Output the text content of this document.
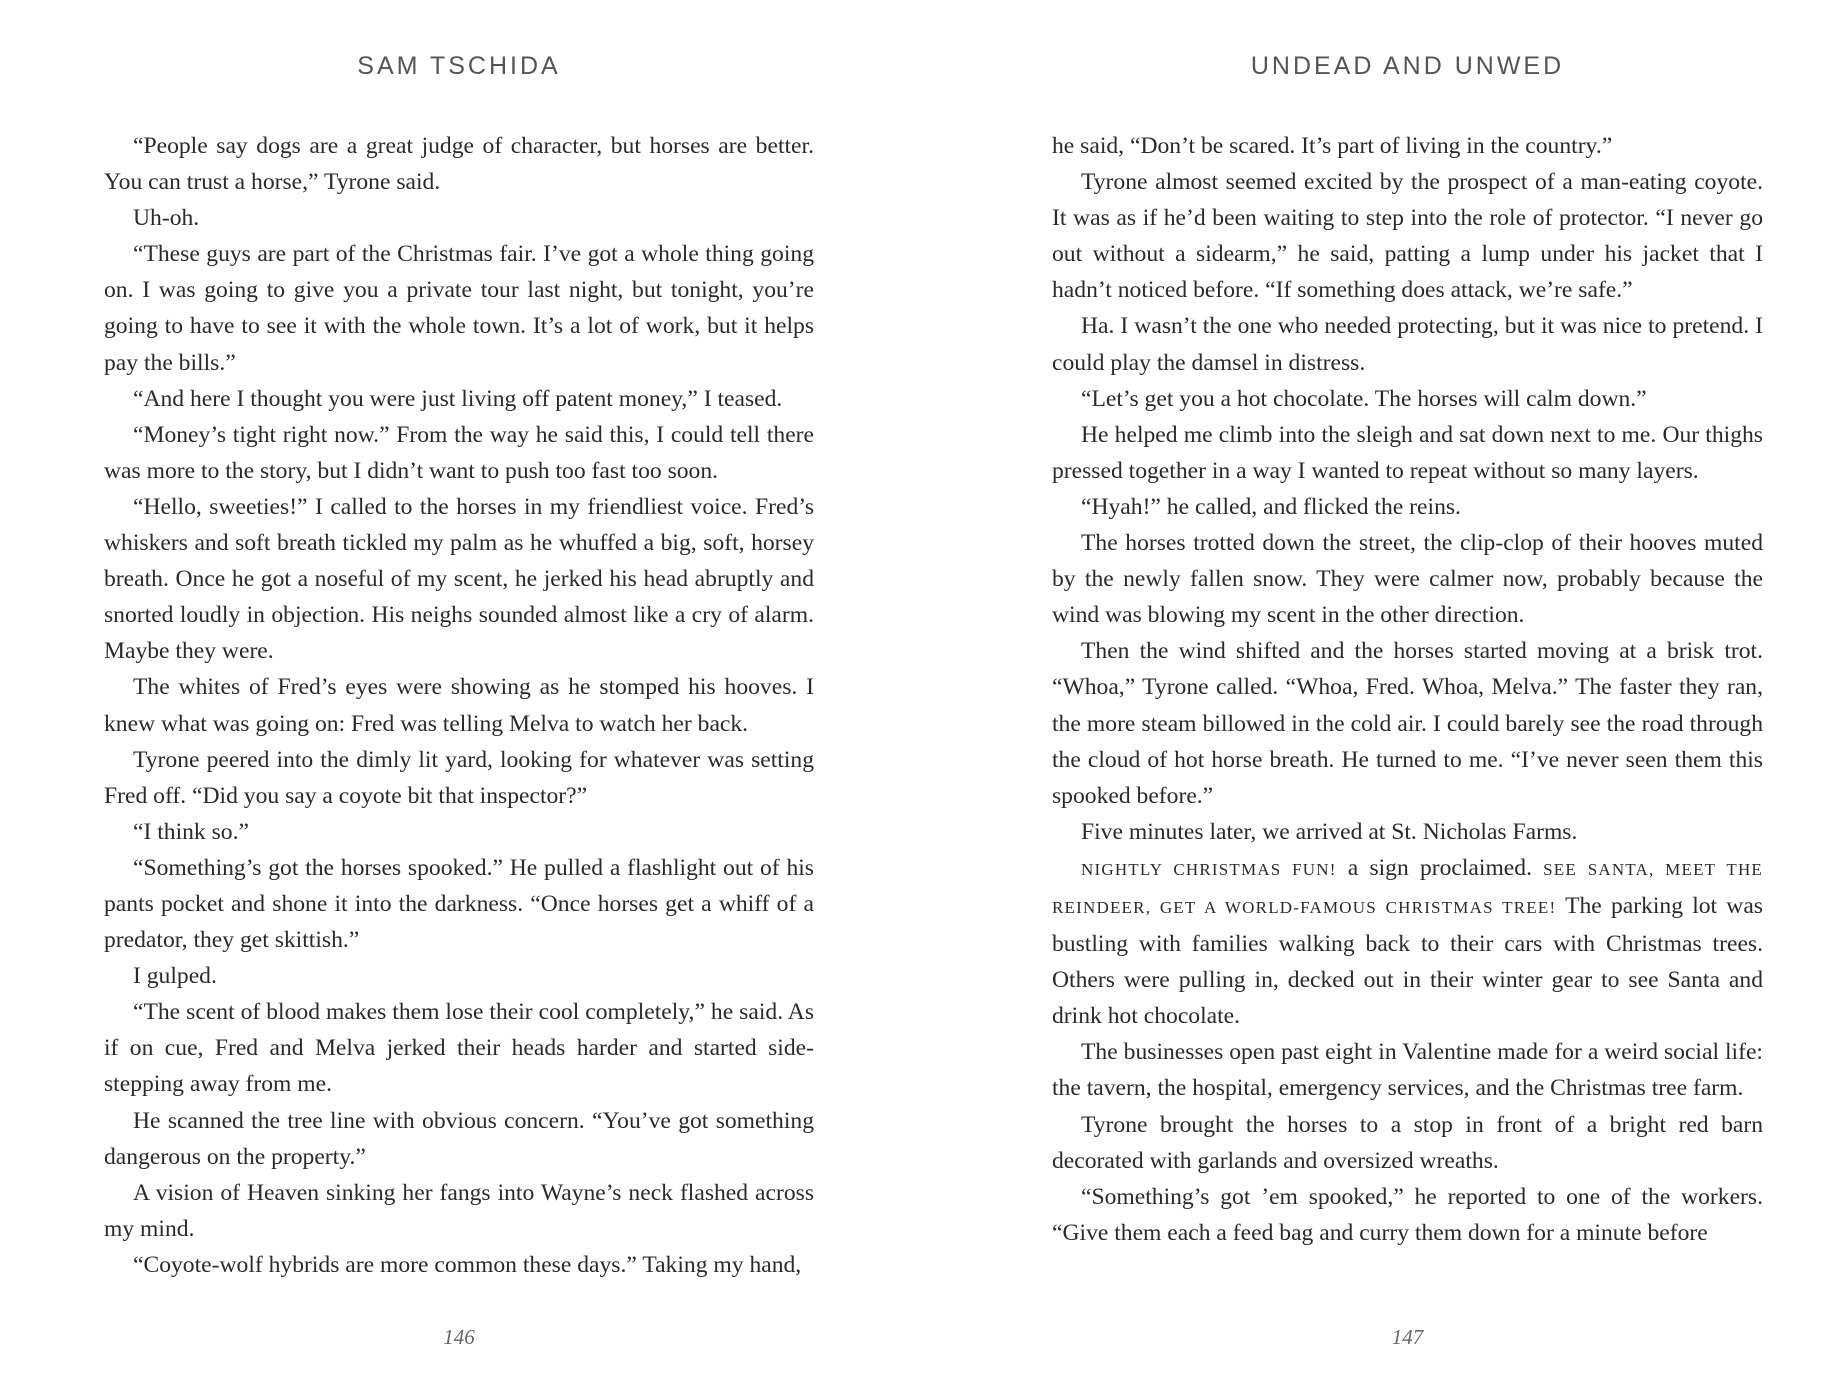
SAM TSCHIDA

“People say dogs are a great judge of character, but horses are better. You can trust a horse,” Tyrone said.

Uh-oh.

“These guys are part of the Christmas fair. I’ve got a whole thing going on. I was going to give you a private tour last night, but tonight, you’re going to have to see it with the whole town. It’s a lot of work, but it helps pay the bills.”

“And here I thought you were just living off patent money,” I teased.

“Money’s tight right now.” From the way he said this, I could tell there was more to the story, but I didn’t want to push too fast too soon.

“Hello, sweeties!” I called to the horses in my friendliest voice. Fred’s whiskers and soft breath tickled my palm as he whuffed a big, soft, horsey breath. Once he got a noseful of my scent, he jerked his head abruptly and snorted loudly in objection. His neighs sounded almost like a cry of alarm. Maybe they were.

The whites of Fred’s eyes were showing as he stomped his hooves. I knew what was going on: Fred was telling Melva to watch her back.

Tyrone peered into the dimly lit yard, looking for whatever was setting Fred off. “Did you say a coyote bit that inspector?”

“I think so.”

“Something’s got the horses spooked.” He pulled a flashlight out of his pants pocket and shone it into the darkness. “Once horses get a whiff of a predator, they get skittish.”

I gulped.

“The scent of blood makes them lose their cool completely,” he said. As if on cue, Fred and Melva jerked their heads harder and started side-stepping away from me.

He scanned the tree line with obvious concern. “You’ve got something dangerous on the property.”

A vision of Heaven sinking her fangs into Wayne’s neck flashed across my mind.

“Coyote-wolf hybrids are more common these days.” Taking my hand,

146
UNDEAD AND UNWED

he said, “Don’t be scared. It’s part of living in the country.”

Tyrone almost seemed excited by the prospect of a man-eating coyote. It was as if he’d been waiting to step into the role of protector. “I never go out without a sidearm,” he said, patting a lump under his jacket that I hadn’t noticed before. “If something does attack, we’re safe.”

Ha. I wasn’t the one who needed protecting, but it was nice to pretend. I could play the damsel in distress.

“Let’s get you a hot chocolate. The horses will calm down.”

He helped me climb into the sleigh and sat down next to me. Our thighs pressed together in a way I wanted to repeat without so many layers.

“Hyah!” he called, and flicked the reins.

The horses trotted down the street, the clip-clop of their hooves muted by the newly fallen snow. They were calmer now, probably because the wind was blowing my scent in the other direction.

Then the wind shifted and the horses started moving at a brisk trot. “Whoa,” Tyrone called. “Whoa, Fred. Whoa, Melva.” The faster they ran, the more steam billowed in the cold air. I could barely see the road through the cloud of hot horse breath. He turned to me. “I’ve never seen them this spooked before.”

Five minutes later, we arrived at St. Nicholas Farms.

NIGHTLY CHRISTMAS FUN! a sign proclaimed. SEE SANTA, MEET THE REINDEER, GET A WORLD-FAMOUS CHRISTMAS TREE! The parking lot was bustling with families walking back to their cars with Christmas trees. Others were pulling in, decked out in their winter gear to see Santa and drink hot chocolate.

The businesses open past eight in Valentine made for a weird social life: the tavern, the hospital, emergency services, and the Christmas tree farm.

Tyrone brought the horses to a stop in front of a bright red barn decorated with garlands and oversized wreaths.

“Something’s got ’em spooked,” he reported to one of the workers. “Give them each a feed bag and curry them down for a minute before

147
